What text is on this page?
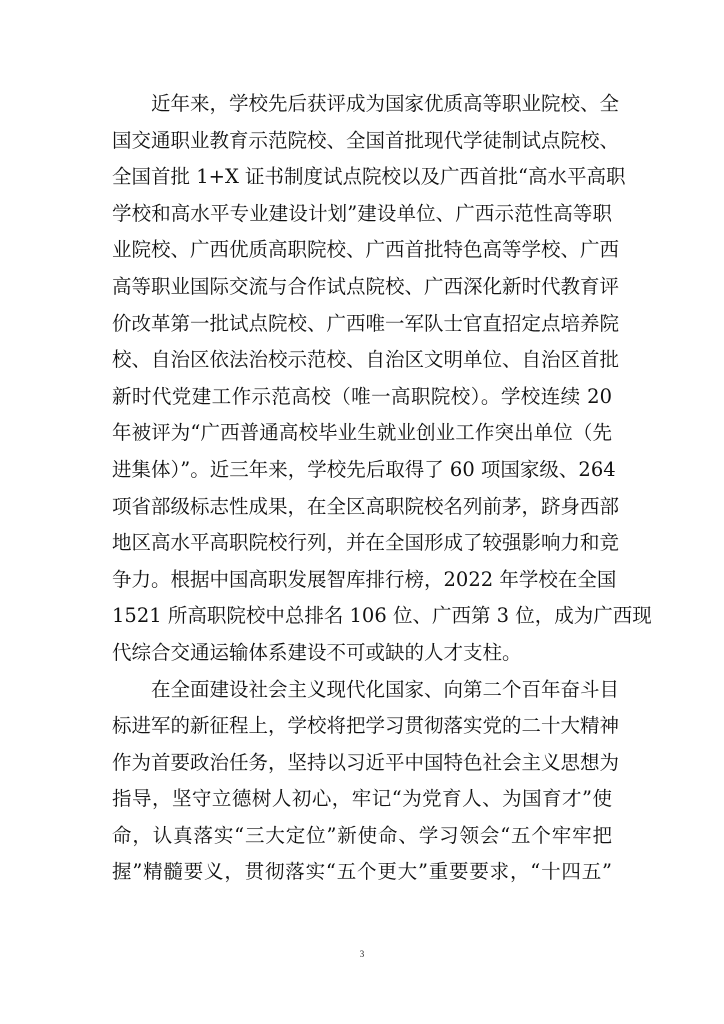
近年来，学校先后获评成为国家优质高等职业院校、全
国交通职业教育示范院校、全国首批现代学徒制试点院校、
全国首批 1+X 证书制度试点院校以及广西首批“高水平高职
学校和高水平专业建设计划”建设单位、广西示范性高等职
业院校、广西优质高职院校、广西首批特色高等学校、广西
高等职业国际交流与合作试点院校、广西深化新时代教育评
价改革第一批试点院校、广西唯一军队士官直招定点培养院
校、自治区依法治校示范校、自治区文明单位、自治区首批
新时代党建工作示范高校（唯一高职院校）。学校连续 20
年被评为“广西普通高校毕业生就业创业工作突出单位（先
进集体）”。近三年来，学校先后取得了 60 项国家级、264
项省部级标志性成果，在全区高职院校名列前茅，跻身西部
地区高水平高职院校行列，并在全国形成了较强影响力和竞
争力。根据中国高职发展智库排行榜，2022 年学校在全国
1521 所高职院校中总排名 106 位、广西第 3 位，成为广西现
代综合交通运输体系建设不可或缺的人才支柱。
在全面建设社会主义现代化国家、向第二个百年奋斗目
标进军的新征程上，学校将把学习贯彻落实党的二十大精神
作为首要政治任务，坚持以习近平中国特色社会主义思想为
指导，坚守立德树人初心，牢记“为党育人、为国育才”使
命，认真落实“三大定位”新使命、学习领会“五个牢牢把
握”精髓要义，贯彻落实“五个更大”重要要求，“十四五”
3
